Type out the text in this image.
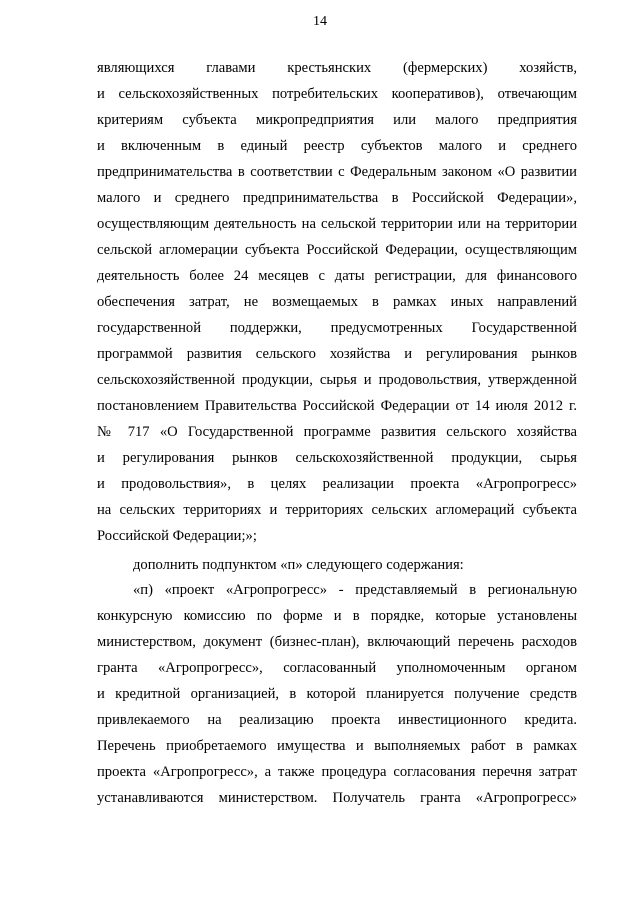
14
являющихся главами крестьянских (фермерских) хозяйств,
и сельскохозяйственных потребительских кооперативов), отвечающим
критериям субъекта микропредприятия или малого предприятия
и включенным в единый реестр субъектов малого и среднего
предпринимательства в соответствии с Федеральным законом «О развитии
малого и среднего предпринимательства в Российской Федерации»,
осуществляющим деятельность на сельской территории или на территории
сельской агломерации субъекта Российской Федерации, осуществляющим
деятельность более 24 месяцев с даты регистрации, для финансового
обеспечения затрат, не возмещаемых в рамках иных направлений
государственной поддержки, предусмотренных Государственной
программой развития сельского хозяйства и регулирования рынков
сельскохозяйственной продукции, сырья и продовольствия, утвержденной
постановлением Правительства Российской Федерации от 14 июля 2012 г.
№ 717 «О Государственной программе развития сельского хозяйства
и регулирования рынков сельскохозяйственной продукции, сырья
и продовольствия», в целях реализации проекта «Агропрогресс»
на сельских территориях и территориях сельских агломераций субъекта
Российской Федерации;»;
дополнить подпунктом «п» следующего содержания:
«п) «проект «Агропрогресс» - представляемый в региональную
конкурсную комиссию по форме и в порядке, которые установлены
министерством, документ (бизнес-план), включающий перечень расходов
гранта «Агропрогресс», согласованный уполномоченным органом
и кредитной организацией, в которой планируется получение средств
привлекаемого на реализацию проекта инвестиционного кредита.
Перечень приобретаемого имущества и выполняемых работ в рамках
проекта «Агропрогресс», а также процедура согласования перечня затрат
устанавливаются министерством. Получатель гранта «Агропрогресс»
